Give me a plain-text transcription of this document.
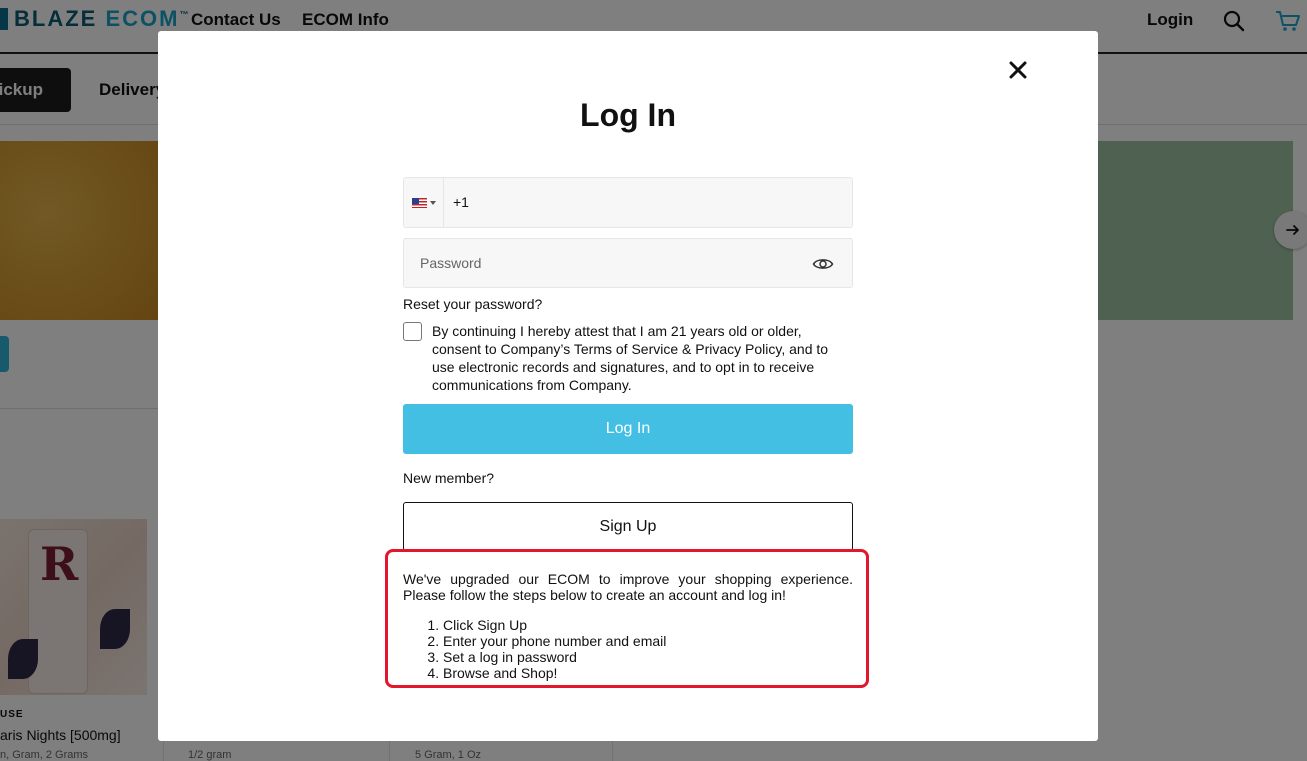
Log In
+1
Password
Reset your password?
By continuing I hereby attest that I am 21 years old or older, consent to Company’s Terms of Service & Privacy Policy, and to use electronic records and signatures, and to opt in to receive communications from Company.
Log In
New member?
Sign Up
We've upgraded our ECOM to improve your shopping experience. Please follow the steps below to create an account and log in!
1. Click Sign Up
2. Enter your phone number and email
3. Set a log in password
4. Browse and Shop!
